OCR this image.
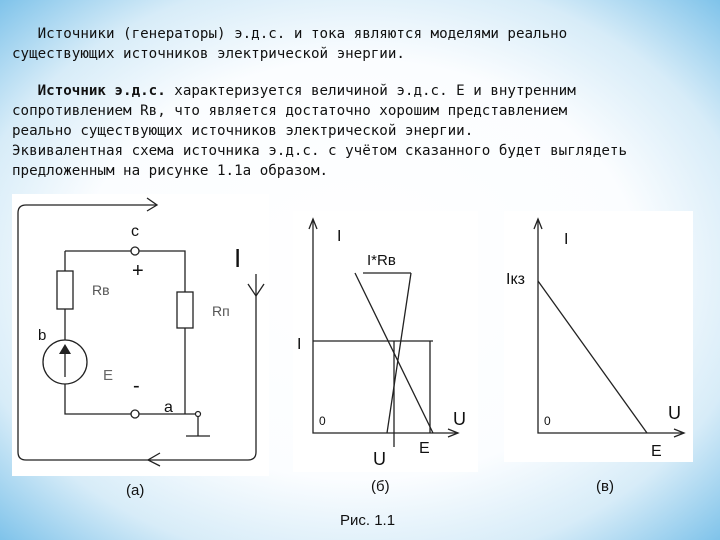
Источники (генераторы) э.д.с. и тока являются моделями реально
существующих источников электрической энергии.
Источник э.д.с. характеризуется величиной э.д.с. E и внутренним
сопротивлением Rв, что является достаточно хорошим представлением
реально существующих источников электрической энергии.
Эквивалентная схема источника э.д.с. с учётом сказанного будет выглядеть
предложенным на рисунке 1.1а образом.
c
+	I
Rв
Rп
b
E -
a
I
I*Rв
I
0	U
E
U
I
Iкз
0	U
E
(а)	(б)	(в)
Рис. 1.1
